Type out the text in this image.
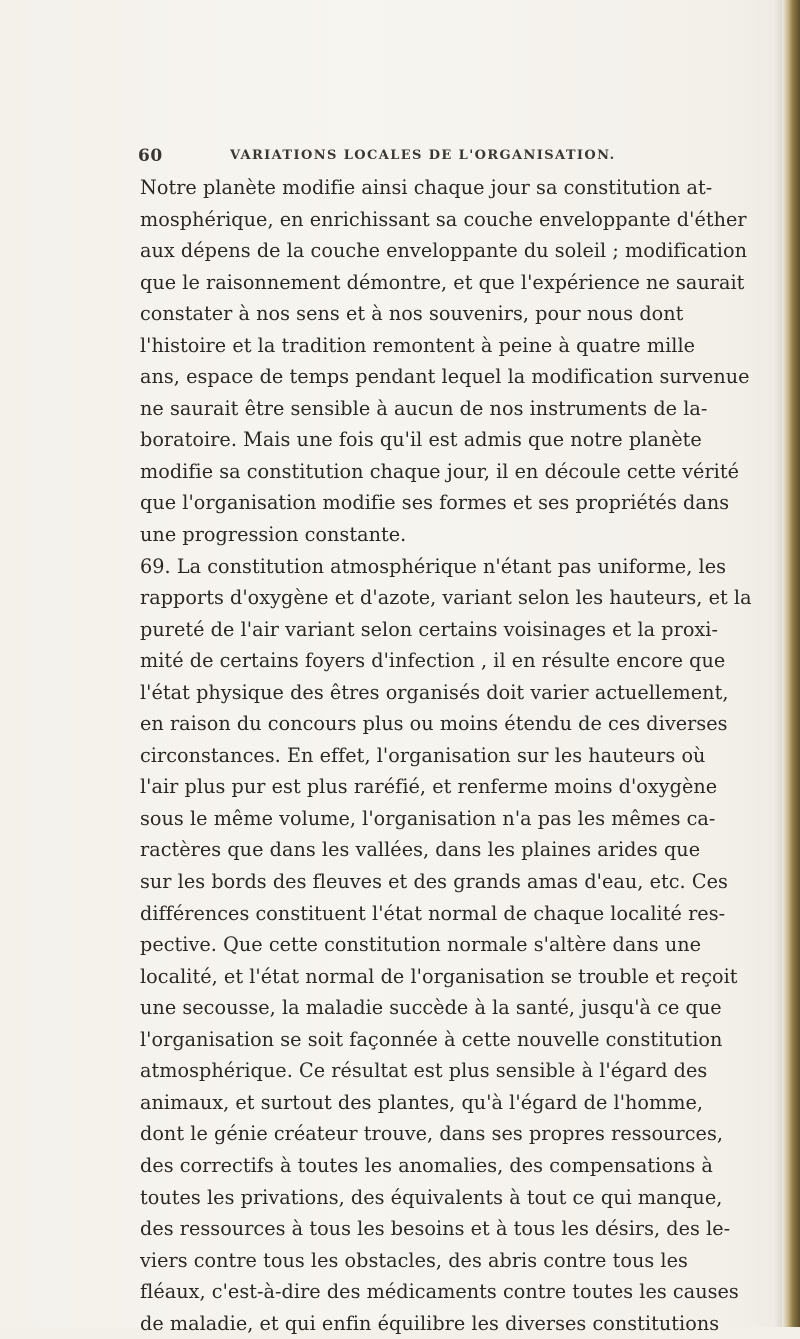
60	VARIATIONS LOCALES DE L'ORGANISATION.
Notre planète modifie ainsi chaque jour sa constitution at-
mosphérique, en enrichissant sa couche enveloppante d'éther
aux dépens de la couche enveloppante du soleil ; modification
que le raisonnement démontre, et que l'expérience ne saurait
constater à nos sens et à nos souvenirs, pour nous dont
l'histoire et la tradition remontent à peine à quatre mille
ans, espace de temps pendant lequel la modification survenue
ne saurait être sensible à aucun de nos instruments de la-
boratoire. Mais une fois qu'il est admis que notre planète
modifie sa constitution chaque jour, il en découle cette vérité
que l'organisation modifie ses formes et ses propriétés dans
une progression constante.
69. La constitution atmosphérique n'étant pas uniforme, les
rapports d'oxygène et d'azote, variant selon les hauteurs, et la
pureté de l'air variant selon certains voisinages et la proxi-
mité de certains foyers d'infection , il en résulte encore que
l'état physique des êtres organisés doit varier actuellement,
en raison du concours plus ou moins étendu de ces diverses
circonstances. En effet, l'organisation sur les hauteurs où
l'air plus pur est plus raréfié, et renferme moins d'oxygène
sous le même volume, l'organisation n'a pas les mêmes ca-
ractères que dans les vallées, dans les plaines arides que
sur les bords des fleuves et des grands amas d'eau, etc. Ces
différences constituent l'état normal de chaque localité res-
pective. Que cette constitution normale s'altère dans une
localité, et l'état normal de l'organisation se trouble et reçoit
une secousse, la maladie succède à la santé, jusqu'à ce que
l'organisation se soit façonnée à cette nouvelle constitution
atmosphérique. Ce résultat est plus sensible à l'égard des
animaux, et surtout des plantes, qu'à l'égard de l'homme,
dont le génie créateur trouve, dans ses propres ressources,
des correctifs à toutes les anomalies, des compensations à
toutes les privations, des équivalents à tout ce qui manque,
des ressources à tous les besoins et à tous les désirs, des le-
viers contre tous les obstacles, des abris contre tous les
fléaux, c'est-à-dire des médicaments contre toutes les causes
de maladie, et qui enfin équilibre les diverses constitutions
